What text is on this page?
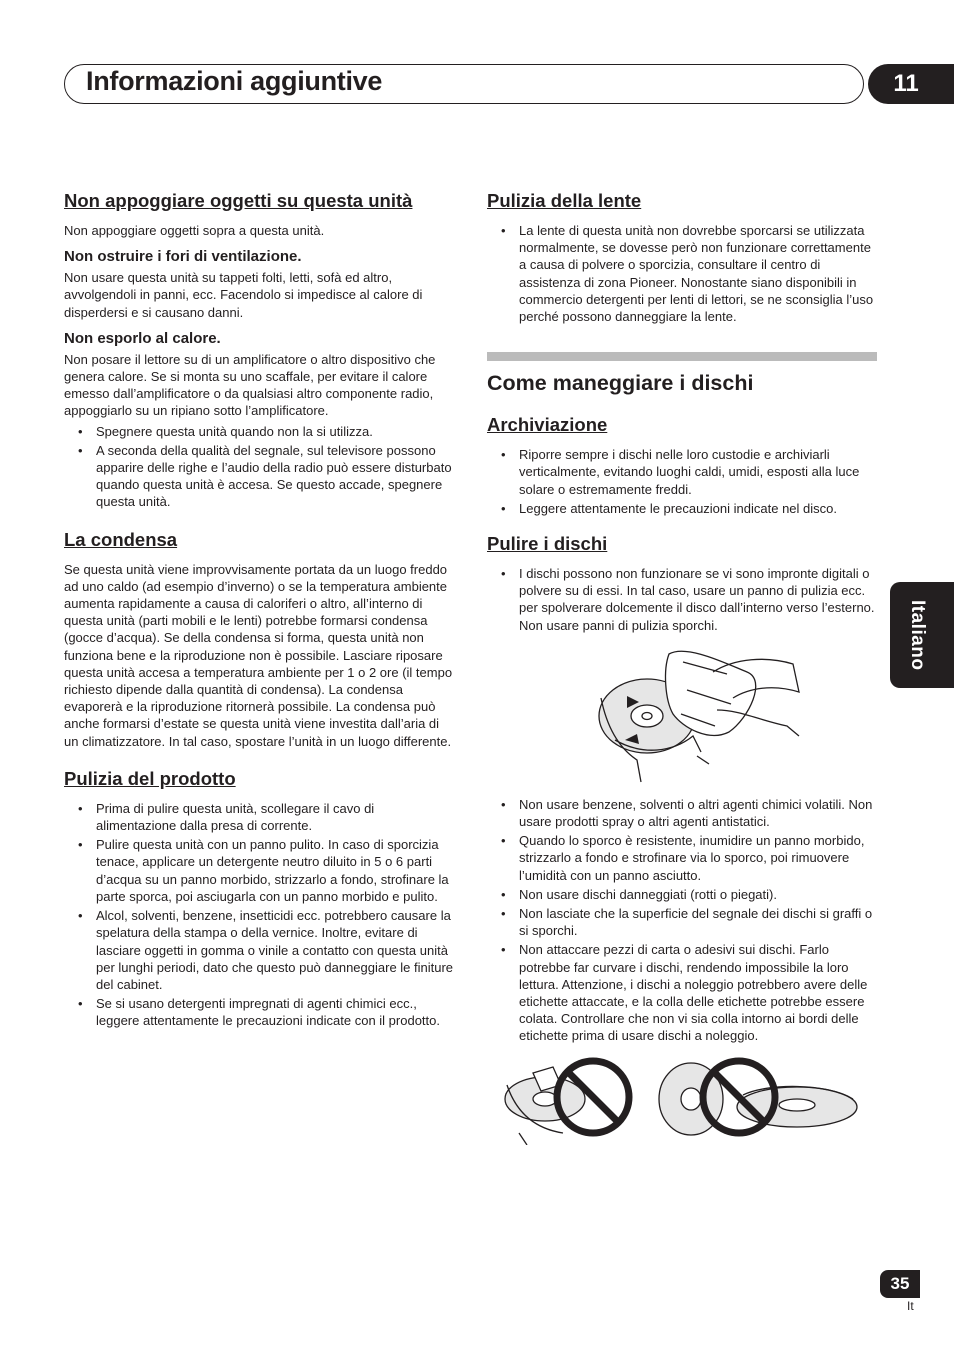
Informazioni aggiuntive	11
Italiano
Non appoggiare oggetti su questa unità

Non appoggiare oggetti sopra a questa unità.

Non ostruire i fori di ventilazione.

Non usare questa unità su tappeti folti, letti, sofà ed altro, avvolgendoli in panni, ecc. Facendolo si impedisce al calore di disperdersi e si causano danni.

Non esporlo al calore.

Non posare il lettore su di un amplificatore o altro dispositivo che genera calore. Se si monta su uno scaffale, per evitare il calore emesso dall’amplificatore o da qualsiasi altro componente radio, appoggiarlo su un ripiano sotto l’amplificatore.

• Spegnere questa unità quando non la si utilizza.
• A seconda della qualità del segnale, sul televisore possono apparire delle righe e l’audio della radio può essere disturbato quando questa unità è accesa. Se questo accade, spegnere questa unità.
La condensa

Se questa unità viene improvvisamente portata da un luogo freddo ad uno caldo (ad esempio d’inverno) o se la temperatura ambiente aumenta rapidamente a causa di caloriferi o altro, all’interno di questa unità (parti mobili e le lenti) potrebbe formarsi condensa (gocce d’acqua). Se della condensa si forma, questa unità non funziona bene e la riproduzione non è possibile. Lasciare riposare questa unità accesa a temperatura ambiente per 1 o 2 ore (il tempo richiesto dipende dalla quantità di condensa). La condensa evaporerà e la riproduzione ritornerà possibile. La condensa può anche formarsi d’estate se questa unità viene investita dall’aria di un climatizzatore. In tal caso, spostare l’unità in un luogo differente.

Pulizia del prodotto
• Prima di pulire questa unità, scollegare il cavo di alimentazione dalla presa di corrente.
• Pulire questa unità con un panno pulito. In caso di sporcizia tenace, applicare un detergente neutro diluito in 5 o 6 parti d’acqua su un panno morbido, strizzarlo a fondo, strofinare la parte sporca, poi asciugarla con un panno morbido e pulito.
• Alcol, solventi, benzene, insetticidi ecc. potrebbero causare la spelatura della stampa o della vernice. Inoltre, evitare di lasciare oggetti in gomma o vinile a contatto con questa unità per lunghi periodi, dato che questo può danneggiare le finiture del cabinet.
• Se si usano detergenti impregnati di agenti chimici ecc., leggere attentamente le precauzioni indicate con il prodotto.
Pulizia della lente
• La lente di questa unità non dovrebbe sporcarsi se utilizzata normalmente, se dovesse però non funzionare correttamente a causa di polvere o sporcizia, consultare il centro di assistenza di zona Pioneer. Nonostante siano disponibili in commercio detergenti per lenti di lettori, se ne sconsiglia l’uso perché possono danneggiare la lente.
Come maneggiare i dischi
Archiviazione
• Riporre sempre i dischi nelle loro custodie e archiviarli verticalmente, evitando luoghi caldi, umidi, esposti alla luce solare o estremamente freddi.
• Leggere attentamente le precauzioni indicate nel disco.
Pulire i dischi
• I dischi possono non funzionare se vi sono impronte digitali o polvere su di essi. In tal caso, usare un panno di pulizia ecc. per spolverare dolcemente il disco dall’interno verso l’esterno. Non usare panni di pulizia sporchi.
• Non usare benzene, solventi o altri agenti chimici volatili. Non usare prodotti spray o altri agenti antistatici.
• Quando lo sporco è resistente, inumidire un panno morbido, strizzarlo a fondo e strofinare via lo sporco, poi rimuovere l’umidità con un panno asciutto.
• Non usare dischi danneggiati (rotti o piegati).
• Non lasciate che la superficie del segnale dei dischi si graffi o si sporchi.
• Non attaccare pezzi di carta o adesivi sui dischi. Farlo potrebbe far curvare i dischi, rendendo impossibile la loro lettura. Attenzione, i dischi a noleggio potrebbero avere delle etichette attaccate, e la colla delle etichette potrebbe essere colata. Controllare che non vi sia colla intorno ai bordi delle etichette prima di usare dischi a noleggio.
35
It
